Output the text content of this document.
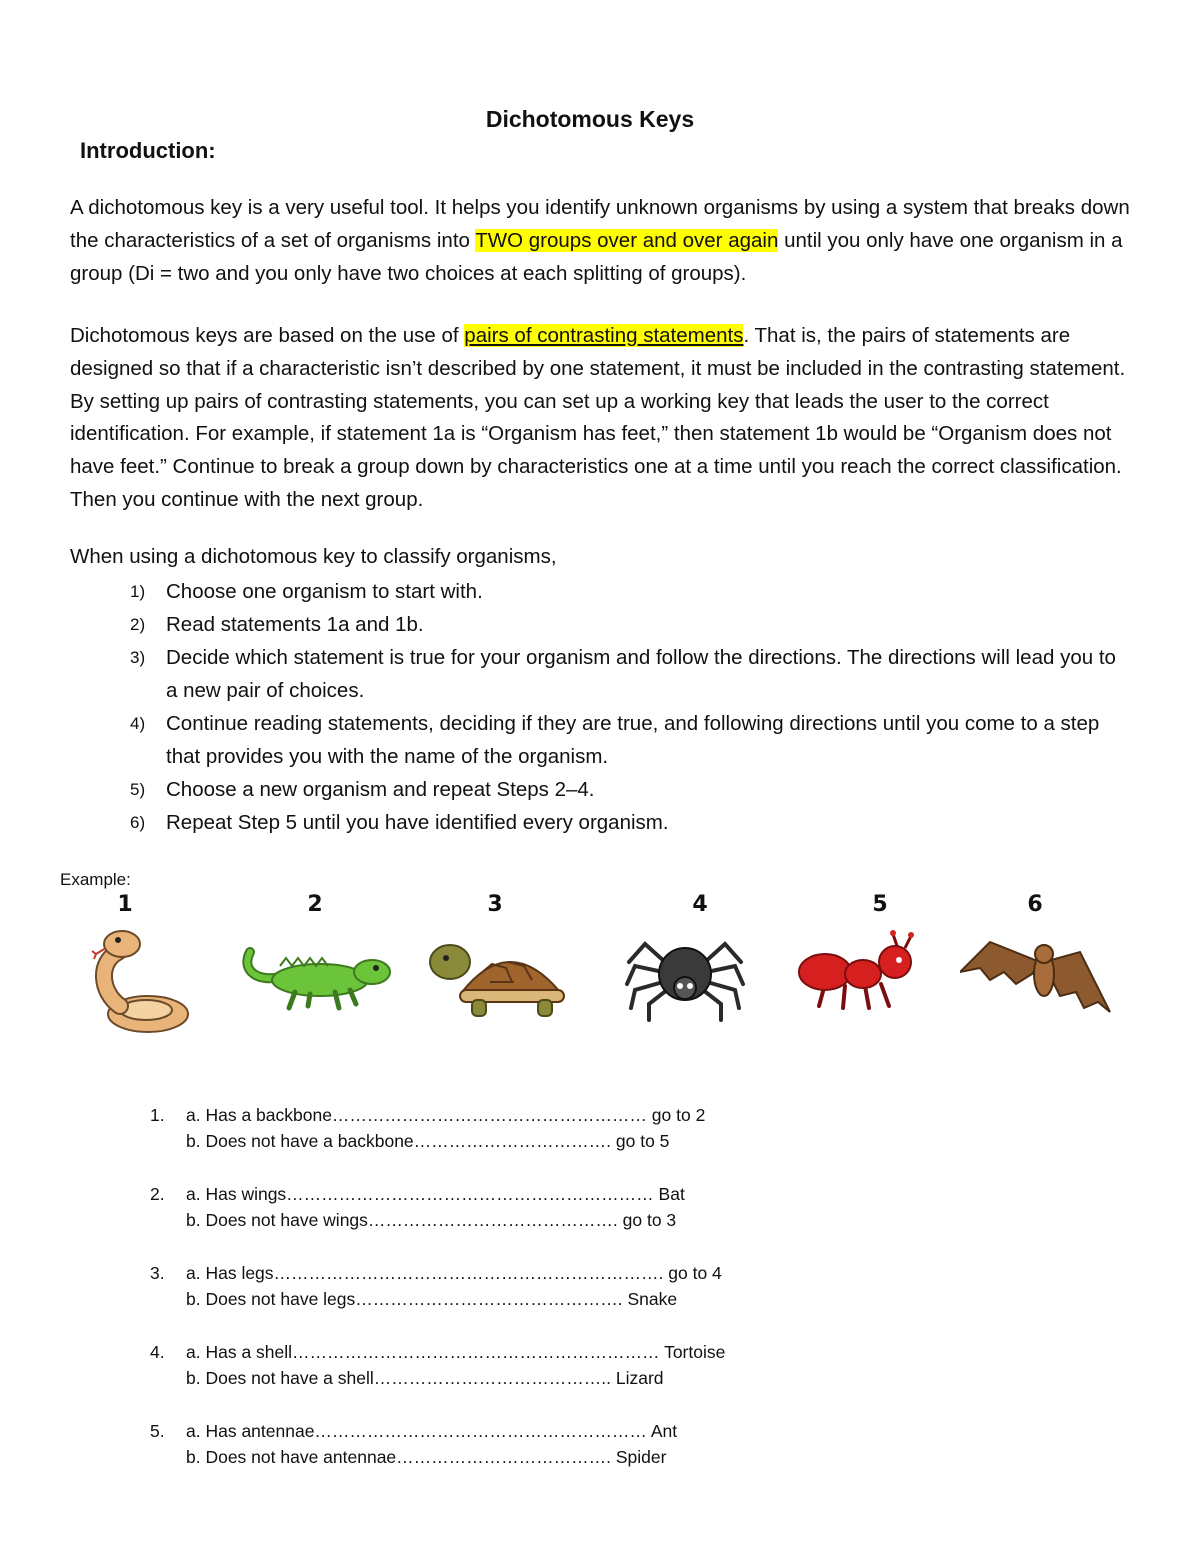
Dichotomous Keys
Introduction:

A dichotomous key is a very useful tool. It helps you identify unknown organisms by using a system that breaks down the characteristics of a set of organisms into TWO groups over and over again until you only have one organism in a group (Di = two and you only have two choices at each splitting of groups).

Dichotomous keys are based on the use of pairs of contrasting statements. That is, the pairs of statements are designed so that if a characteristic isn’t described by one statement, it must be included in the contrasting statement. By setting up pairs of contrasting statements, you can set up a working key that leads the user to the correct identification. For example, if statement 1a is “Organism has feet,” then statement 1b would be “Organism does not have feet.” Continue to break a group down by characteristics one at a time until you reach the correct classification. Then you continue with the next group.

When using a dichotomous key to classify organisms,
1) Choose one organism to start with.
2) Read statements 1a and 1b.
3) Decide which statement is true for your organism and follow the directions. The directions will lead you to a new pair of choices.
4) Continue reading statements, deciding if they are true, and following directions until you come to a step that provides you with the name of the organism.
5) Choose a new organism and repeat Steps 2–4.
6) Repeat Step 5 until you have identified every organism.
Example:
1	2	3	4	5	6
1. a. Has a backbone……………………………………………… go to 2
b. Does not have a backbone……………………………. go to 5
2. a. Has wings……………………………………………………… Bat
b. Does not have wings……………………………………. go to 3
3. a. Has legs…………………………………………………………. go to 4
b. Does not have legs………………………………………. Snake
4. a. Has a shell……………………………………………………… Tortoise
b. Does not have a shell………………………………….. Lizard
5. a. Has antennae………………………………………………… Ant
b. Does not have antennae………………………………. Spider
